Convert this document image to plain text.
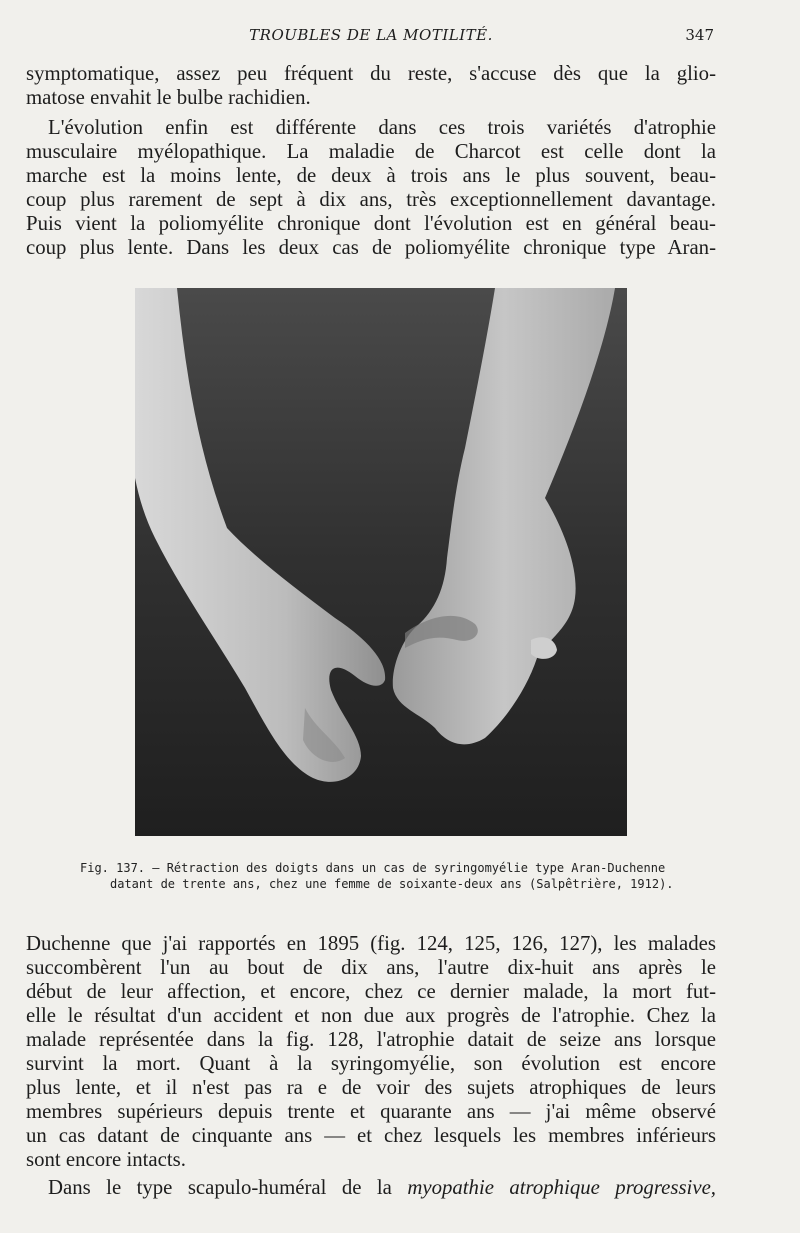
TROUBLES DE LA MOTILITÉ.	347

symptomatique, assez peu fréquent du reste, s'accuse dès que la glio-

matose envahit le bulbe rachidien.

L'évolution enfin est différente dans ces trois variétés d'atrophie

musculaire myélopathique. La maladie de Charcot est celle dont la

marche est la moins lente, de deux à trois ans le plus souvent, beau-

coup plus rarement de sept à dix ans, très exceptionnellement davantage.

Puis vient la poliomyélite chronique dont l'évolution est en général beau-

coup plus lente. Dans les deux cas de poliomyélite chronique type Aran-

Fig. 137. — Rétraction des doigts dans un cas de syringomyélie type Aran-Duchenne
datant de trente ans, chez une femme de soixante-deux ans (Salpêtrière, 1912).

Duchenne que j'ai rapportés en 1895 (fig. 124, 125, 126, 127), les malades

succombèrent l'un au bout de dix ans, l'autre dix-huit ans après le

début de leur affection, et encore, chez ce dernier malade, la mort fut-

elle le résultat d'un accident et non due aux progrès de l'atrophie. Chez la

malade représentée dans la fig. 128, l'atrophie datait de seize ans lorsque

survint la mort. Quant à la syringomyélie, son évolution est encore

plus lente, et il n'est pas ra e de voir des sujets atrophiques de leurs

membres supérieurs depuis trente et quarante ans — j'ai même observé

un cas datant de cinquante ans — et chez lesquels les membres inférieurs

sont encore intacts.

Dans le type scapulo-huméral de la myopathie atrophique progressive,
